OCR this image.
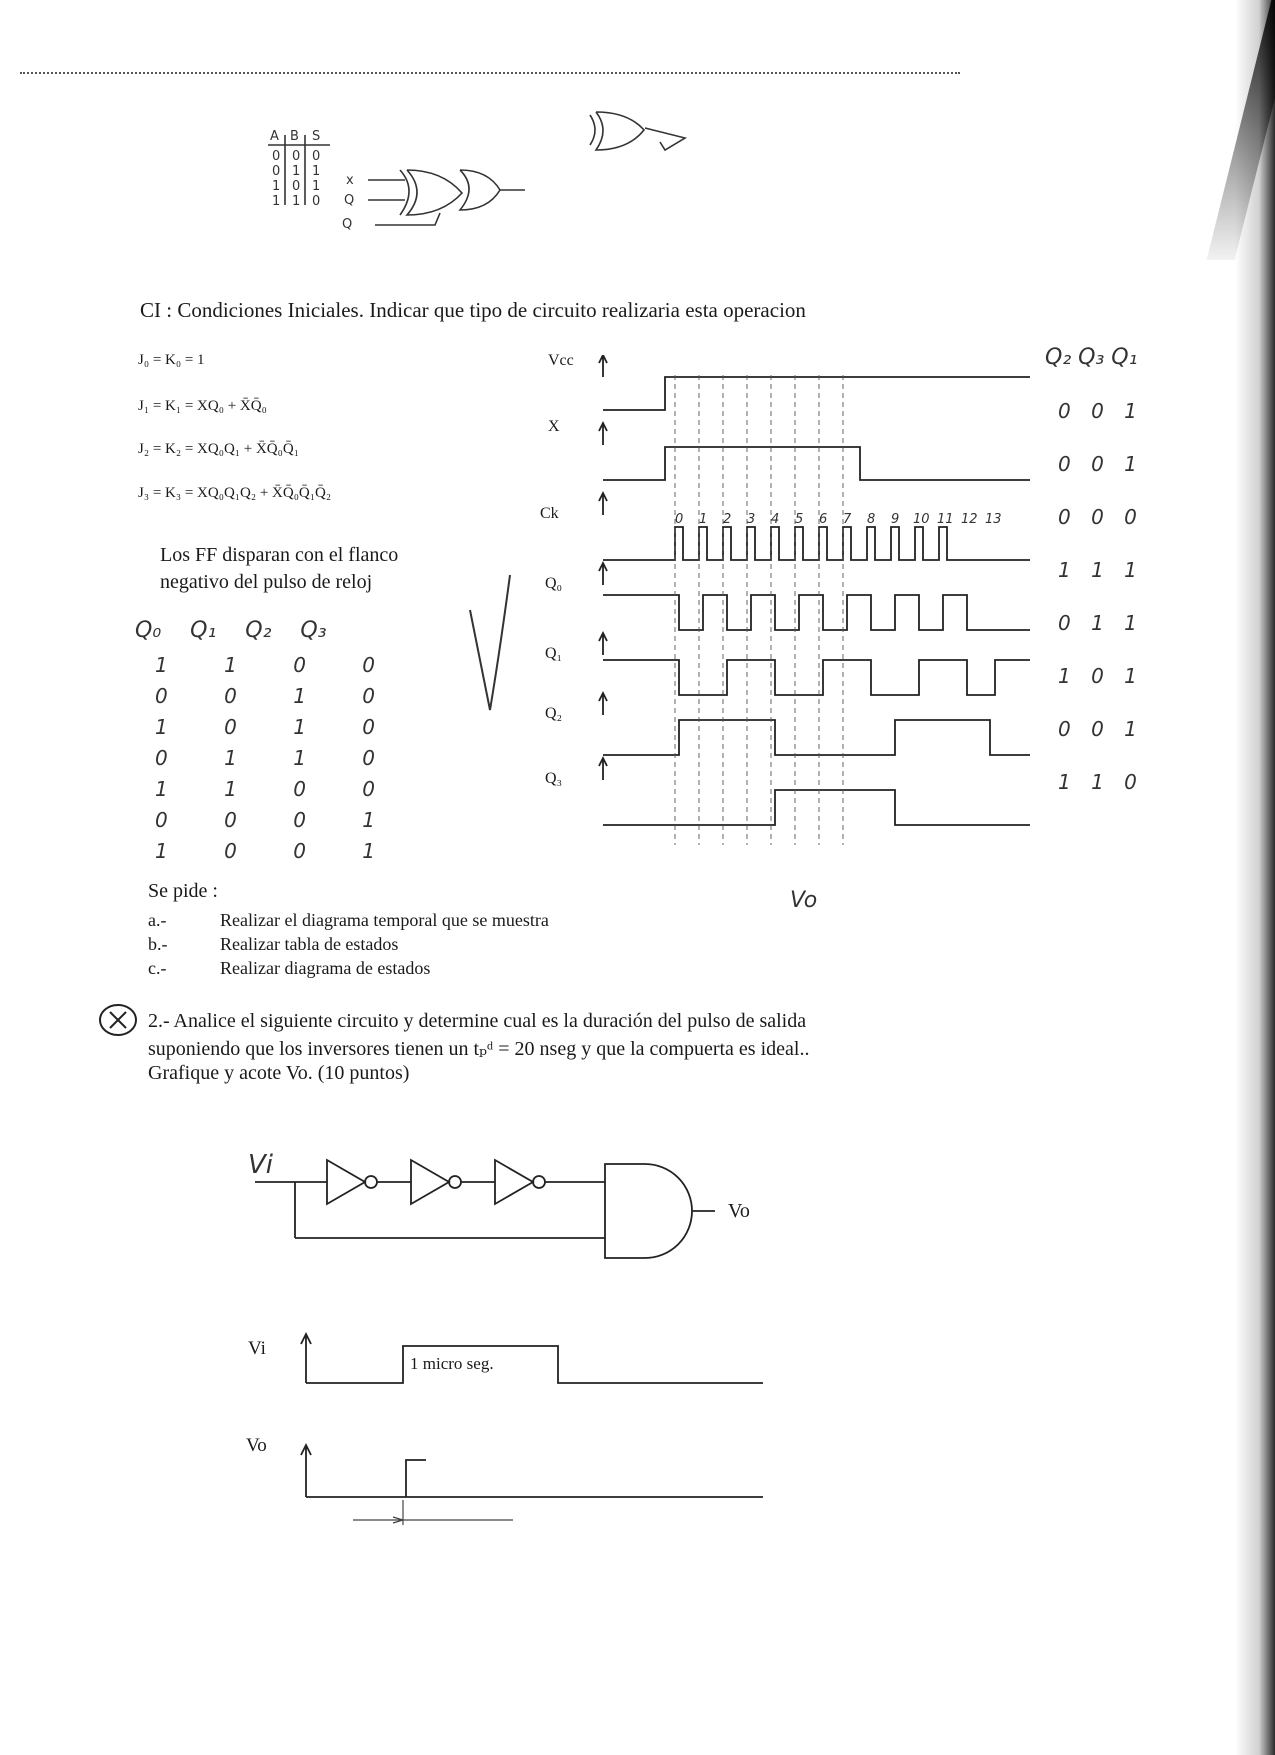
A B S
0 0 0
0 1 1
1 0 1
1 1 0
x
Q
Q
CI : Condiciones Iniciales. Indicar que tipo de circuito realizaria esta operacion
J₀ = K₀ = 1
J₁ = K₁ = XQ₀ + X̄Q̄₀
J₂ = K₂ = XQ₀Q₁ + X̄Q̄₀Q̄₁
J₃ = K₃ = XQ₀Q₁Q₂ + X̄Q̄₀Q̄₁Q̄₂
Los FF disparan con el flanco
negativo del pulso de reloj
Vcc
X
Ck
Q₀
Q₁
Q₂
Q₃
0 1 2 3 4 5 6 7 8 9 10 11 12 13
Q₀ Q₁ Q₂ Q₃
1	1	0	0
0	0	1	0
1	0	1	0
0	1	1	0
1	1	0	0
0	0	0	1
1	0	0	1
Q₂ Q₃ Q₁
0 0 1
0 0 1
0 0 0
1 1 1
0 1 1
1 0 1
0 0 1
1 1 0
Vo
Se pide :
a.-	Realizar el diagrama temporal que se muestra
b.-	Realizar tabla de estados
c.-	Realizar diagrama de estados
2.- Analice el siguiente circuito y determine cual es la duración del pulso de salida
suponiendo que los inversores tienen un tₚᵈ = 20 nseg y que la compuerta es ideal..
Grafique y acote Vo. (10 puntos)
Vi
Vo
Vi
1 micro seg.
Vo
